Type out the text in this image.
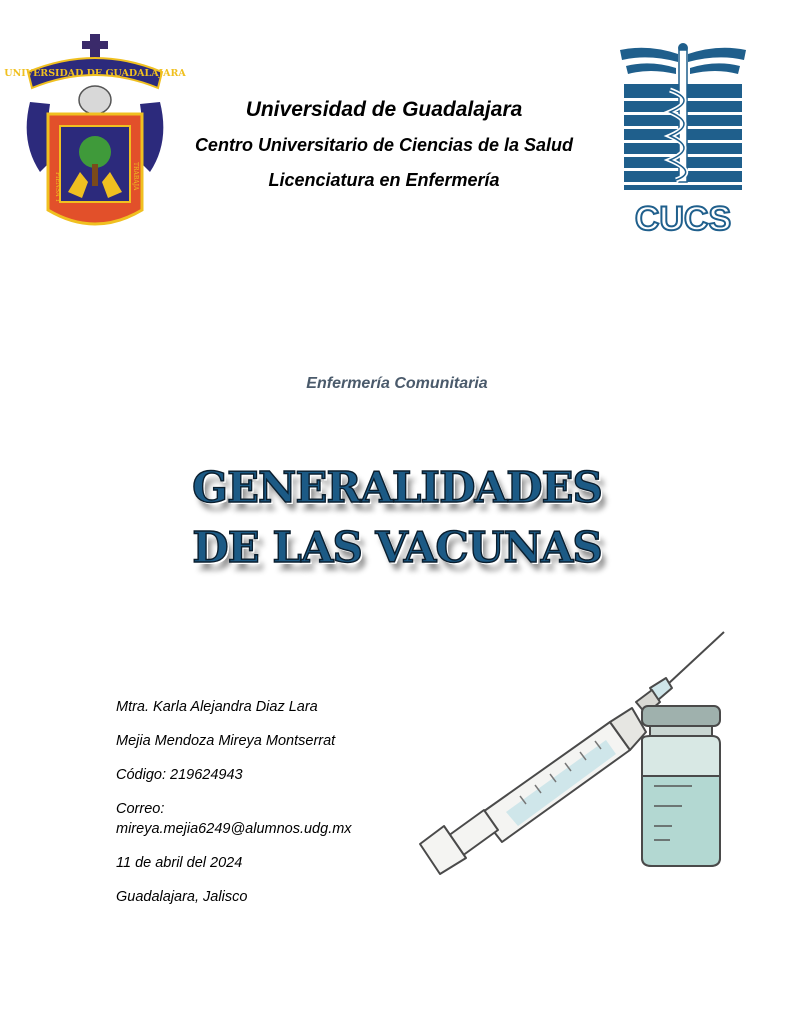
UNIVERSIDAD DE GUADALAJARA
PIENSA Y	TRABAJA
CUCS
Universidad de Guadalajara
Centro Universitario de Ciencias de la Salud
Licenciatura en Enfermería
Enfermería Comunitaria
GENERALIDADES
DE LAS VACUNAS
Mtra. Karla Alejandra Diaz Lara
Mejia Mendoza Mireya Montserrat
Código: 219624943
Correo:
mireya.mejia6249@alumnos.udg.mx
11 de abril del 2024
Guadalajara, Jalisco
